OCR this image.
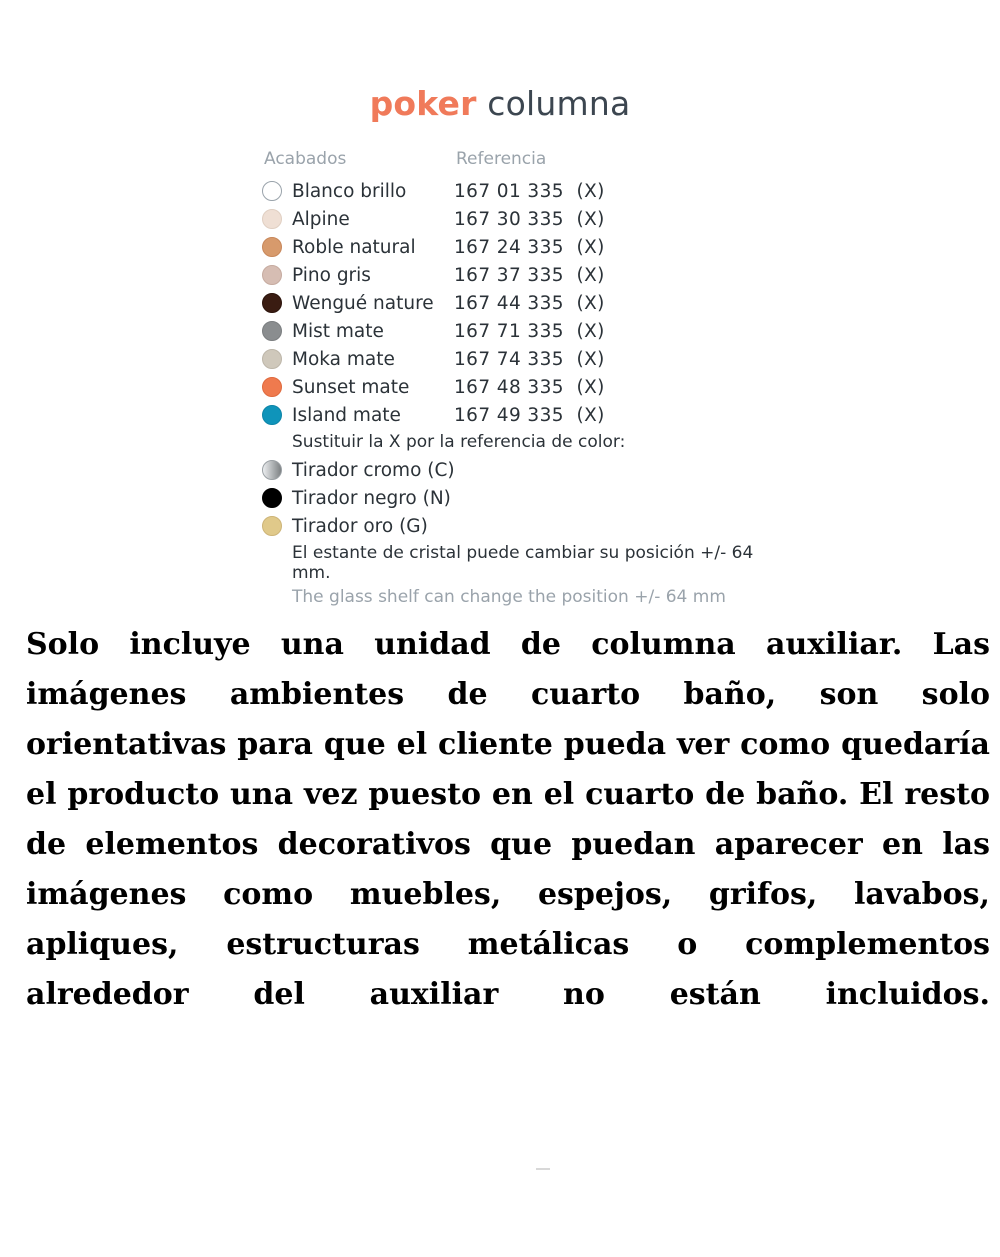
poker columna
Acabados	Referencia
Blanco brillo	167 01 335  (X)
Alpine	167 30 335  (X)
Roble natural	167 24 335  (X)
Pino gris	167 37 335  (X)
Wengué nature	167 44 335  (X)
Mist mate	167 71 335  (X)
Moka mate	167 74 335  (X)
Sunset mate	167 48 335  (X)
Island mate	167 49 335  (X)
Sustituir la X por la referencia de color:
Tirador cromo (C)
Tirador negro (N)
Tirador oro (G)
El estante de cristal puede cambiar su posición +/- 64 mm.
The glass shelf can change the position +/- 64 mm
Solo incluye una unidad de columna auxiliar. Las imágenes ambientes de cuarto baño, son solo orientativas para que el cliente pueda ver como quedaría el producto una vez puesto en el cuarto de baño. El resto de elementos decorativos que puedan aparecer en las imágenes como muebles, espejos, grifos, lavabos, apliques, estructuras metálicas o complementos alrededor del auxiliar no están incluidos.
